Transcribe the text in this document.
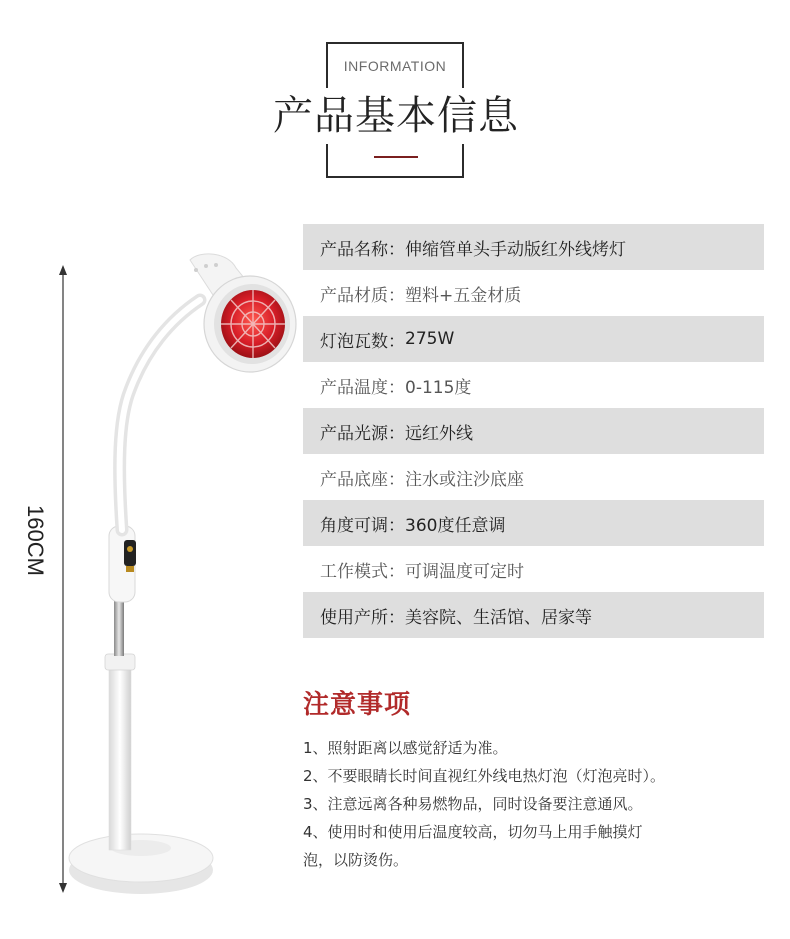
INFORMATION
产品基本信息
160CM
产品名称： 伸缩管单头手动版红外线烤灯
产品材质： 塑料+五金材质
灯泡瓦数： 275W
产品温度： 0-115度
产品光源： 远红外线
产品底座： 注水或注沙底座
角度可调： 360度任意调
工作模式： 可调温度可定时
使用产所： 美容院、生活馆、居家等
注意事项
1、照射距离以感觉舒适为准。
2、不要眼睛长时间直视红外线电热灯泡（灯泡亮时）。
3、注意远离各种易燃物品，同时设备要注意通风。
4、使用时和使用后温度较高，切勿马上用手触摸灯
泡，以防烫伤。
